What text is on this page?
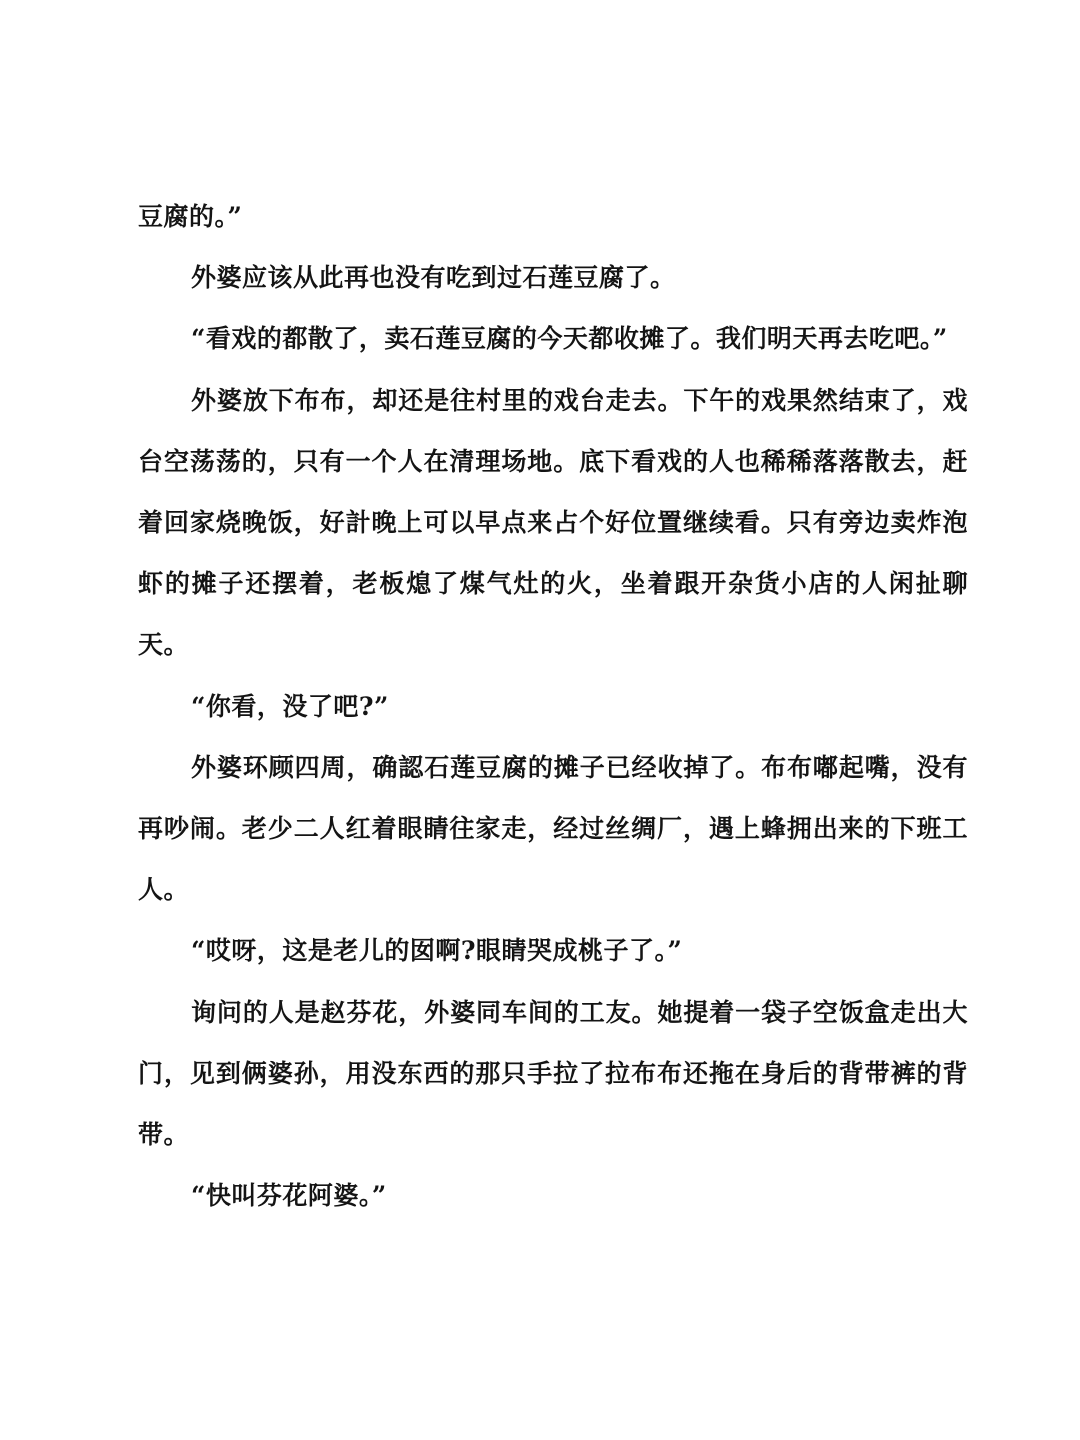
豆腐的。”

外婆应该从此再也没有吃到过石莲豆腐了。

“看戏的都散了，卖石莲豆腐的今天都收摊了。我们明天再去吃吧。”

外婆放下布布，却还是往村里的戏台走去。下午的戏果然结束了，戏台空荡荡的，只有一个人在清理场地。底下看戏的人也稀稀落落散去，赶着回家烧晚饭，好計晚上可以早点来占个好位置继续看。只有旁边卖炸泡虾的摊子还摆着，老板熄了煤气灶的火，坐着跟开杂货小店的人闲扯聊天。

“你看，没了吧?”

外婆环顾四周，确認石莲豆腐的摊子已经收掉了。布布嘟起嘴，没有再吵闹。老少二人红着眼睛往家走，经过丝绸厂，遇上蜂拥出来的下班工人。

“哎呀，这是老儿的囡啊?眼睛哭成桃子了。”

询问的人是赵芬花，外婆同车间的工友。她提着一袋子空饭盒走出大门，见到俩婆孙，用没东西的那只手拉了拉布布还拖在身后的背带裤的背带。

“快叫芬花阿婆。”
